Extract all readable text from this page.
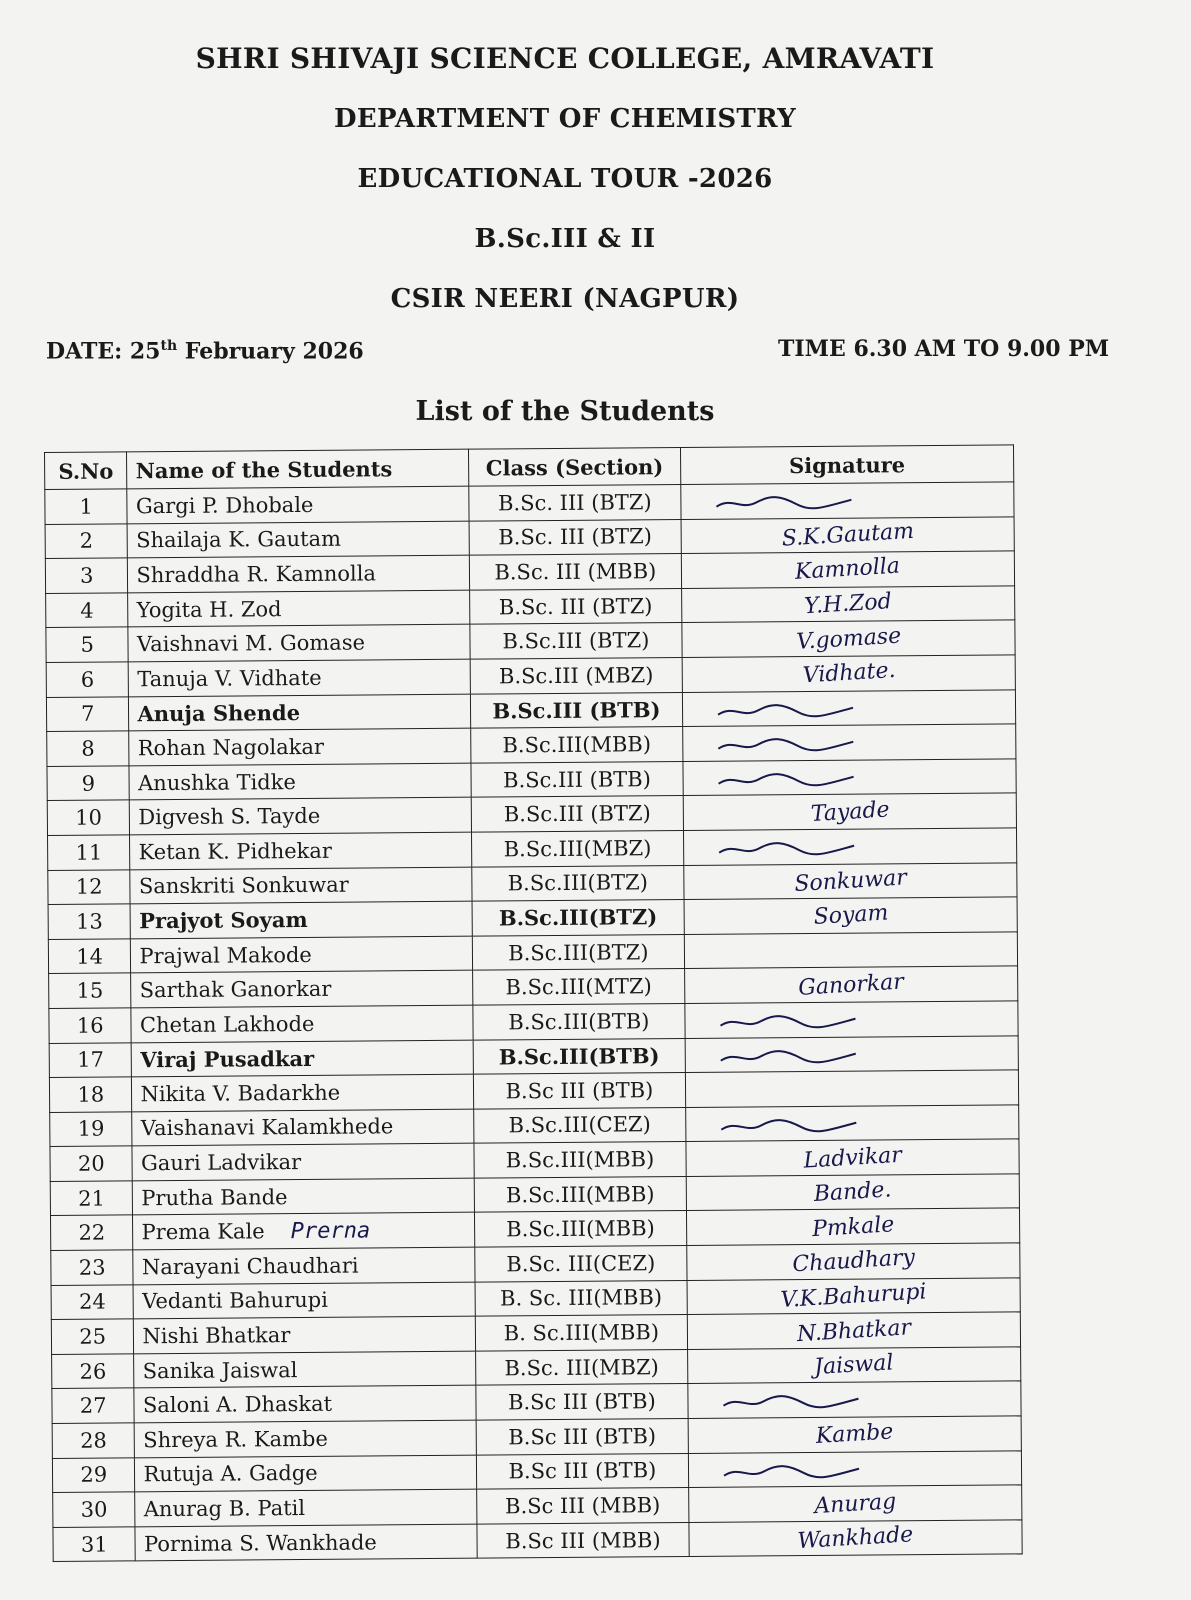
SHRI SHIVAJI SCIENCE COLLEGE, AMRAVATI
DEPARTMENT OF CHEMISTRY
EDUCATIONAL TOUR -2026
B.Sc.III & II
CSIR NEERI (NAGPUR)
DATE: 25th February 2026	TIME 6.30 AM TO 9.00 PM
List of the Students
S.No	Name of the Students	Class (Section)	Signature
1	Gargi P. Dhobale	B.Sc. III (BTZ)	

2	Shailaja K. Gautam	B.Sc. III (BTZ)	S.K.Gautam
3	Shraddha R. Kamnolla	B.Sc. III (MBB)	Kamnolla
4	Yogita H. Zod	B.Sc. III (BTZ)	Y.H.Zod
5	Vaishnavi M. Gomase	B.Sc.III (BTZ)	V.gomase
6	Tanuja V. Vidhate	B.Sc.III (MBZ)	Vidhate.
7	Anuja Shende	B.Sc.III (BTB)	

8	Rohan Nagolakar	B.Sc.III(MBB)	

9	Anushka Tidke	B.Sc.III (BTB)	

10	Digvesh S. Tayde	B.Sc.III (BTZ)	Tayade
11	Ketan K. Pidhekar	B.Sc.III(MBZ)	

12	Sanskriti Sonkuwar	B.Sc.III(BTZ)	Sonkuwar
13	Prajyot Soyam	B.Sc.III(BTZ)	Soyam
14	Prajwal Makode	B.Sc.III(BTZ)	
15	Sarthak Ganorkar	B.Sc.III(MTZ)	Ganorkar
16	Chetan Lakhode	B.Sc.III(BTB)	

17	Viraj Pusadkar	B.Sc.III(BTB)	

18	Nikita V. Badarkhe	B.Sc III (BTB)	
19	Vaishanavi Kalamkhede	B.Sc.III(CEZ)	

20	Gauri Ladvikar	B.Sc.III(MBB)	Ladvikar
21	Prutha Bande	B.Sc.III(MBB)	Bande.
22	Prema Kale Prerna	B.Sc.III(MBB)	Pmkale
23	Narayani Chaudhari	B.Sc. III(CEZ)	Chaudhary
24	Vedanti Bahurupi	B. Sc. III(MBB)	V.K.Bahurupi
25	Nishi Bhatkar	B. Sc.III(MBB)	N.Bhatkar
26	Sanika Jaiswal	B.Sc. III(MBZ)	Jaiswal
27	Saloni A. Dhaskat	B.Sc III (BTB)	

28	Shreya R. Kambe	B.Sc III (BTB)	Kambe
29	Rutuja A. Gadge	B.Sc III (BTB)	

30	Anurag B. Patil	B.Sc III (MBB)	Anurag
31	Pornima S. Wankhade	B.Sc III (MBB)	Wankhade
